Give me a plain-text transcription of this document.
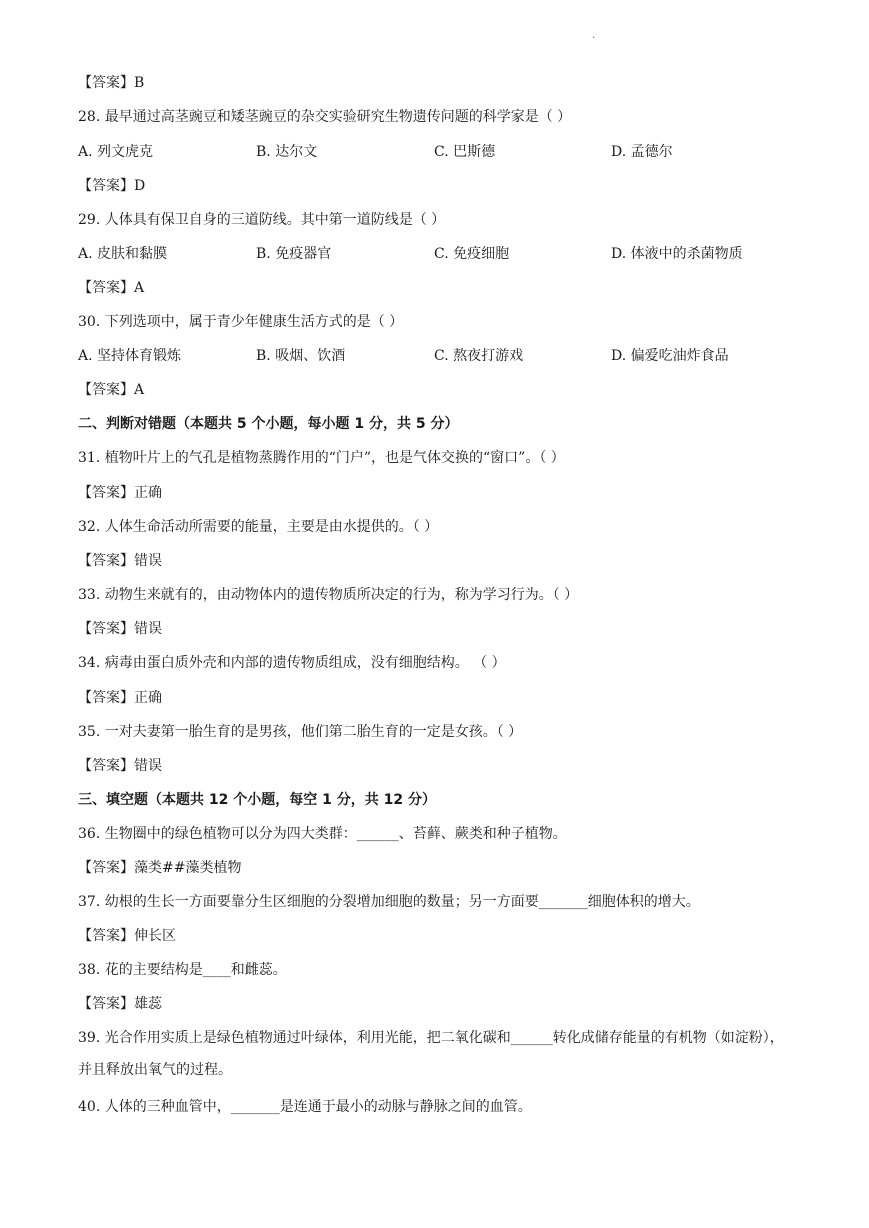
.
【答案】B
28. 最早通过高茎豌豆和矮茎豌豆的杂交实验研究生物遗传问题的科学家是（ ）
A. 列文虎克	B. 达尔文	C. 巴斯德	D. 孟德尔
【答案】D
29. 人体具有保卫自身的三道防线。其中第一道防线是（ ）
A. 皮肤和黏膜	B. 免疫器官	C. 免疫细胞	D. 体液中的杀菌物质
【答案】A
30. 下列选项中，属于青少年健康生活方式的是（ ）
A. 坚持体育锻炼	B. 吸烟、饮酒	C. 熬夜打游戏	D. 偏爱吃油炸食品
【答案】A
二、判断对错题（本题共 5 个小题，每小题 1 分，共 5 分）
31. 植物叶片上的气孔是植物蒸腾作用的“门户”，也是气体交换的“窗口”。（ ）
【答案】正确
32. 人体生命活动所需要的能量，主要是由水提供的。（ ）
【答案】错误
33. 动物生来就有的，由动物体内的遗传物质所决定的行为，称为学习行为。（ ）
【答案】错误
34. 病毒由蛋白质外壳和内部的遗传物质组成，没有细胞结构。 （ ）
【答案】正确
35. 一对夫妻第一胎生育的是男孩，他们第二胎生育的一定是女孩。（ ）
【答案】错误
三、填空题（本题共 12 个小题，每空 1 分，共 12 分）
36. 生物圈中的绿色植物可以分为四大类群：______、苔藓、蕨类和种子植物。
【答案】藻类##藻类植物
37. 幼根的生长一方面要靠分生区细胞的分裂增加细胞的数量；另一方面要_______细胞体积的增大。
【答案】伸长区
38. 花的主要结构是____和雌蕊。
【答案】雄蕊
39. 光合作用实质上是绿色植物通过叶绿体，利用光能，把二氧化碳和______转化成储存能量的有机物（如淀粉），并且释放出氧气的过程。
40. 人体的三种血管中，_______是连通于最小的动脉与静脉之间的血管。
